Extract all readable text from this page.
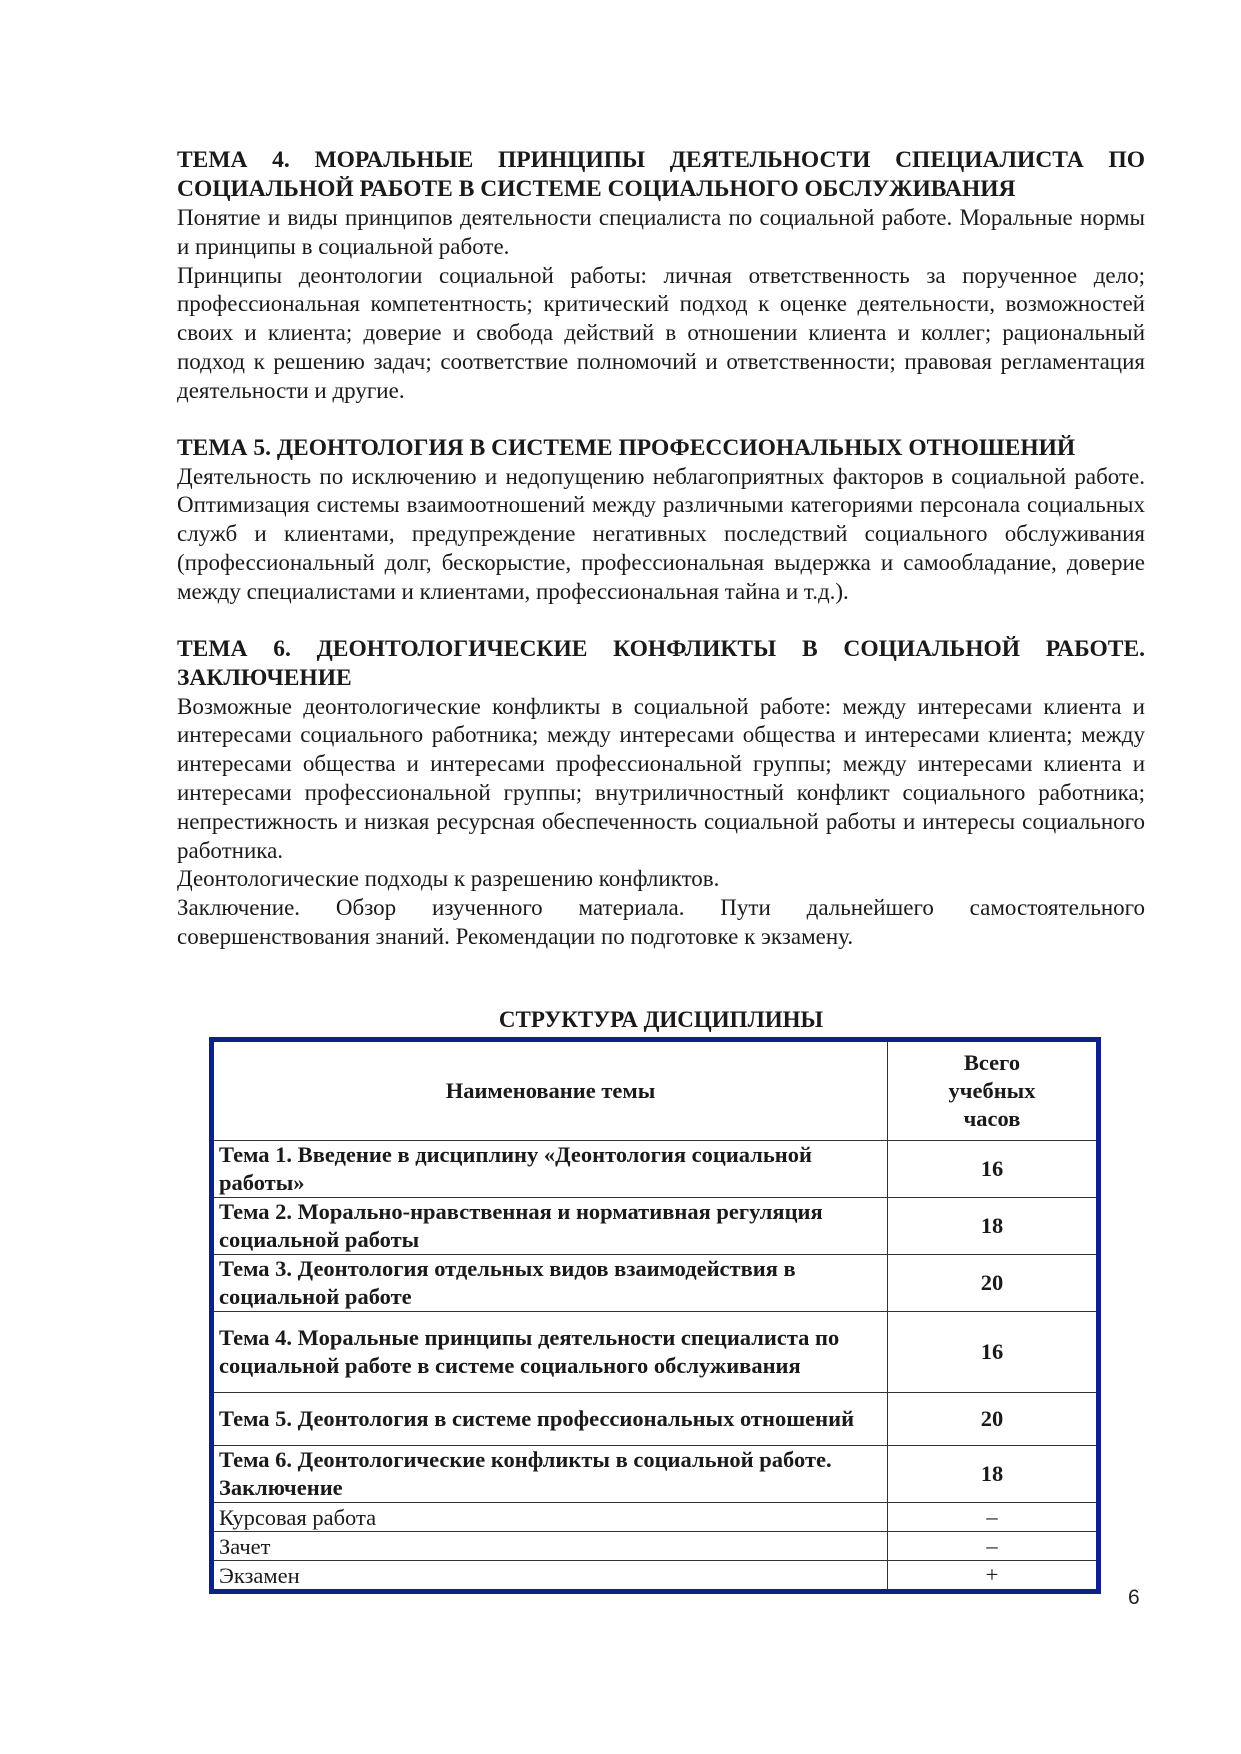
ТЕМА 4. МОРАЛЬНЫЕ ПРИНЦИПЫ ДЕЯТЕЛЬНОСТИ СПЕЦИАЛИСТА ПО СОЦИАЛЬНОЙ РАБОТЕ В СИСТЕМЕ СОЦИАЛЬНОГО ОБСЛУЖИВАНИЯ

Понятие и виды принципов деятельности специалиста по социальной работе. Моральные нормы и принципы в социальной работе.

Принципы деонтологии социальной работы: личная ответственность за порученное дело; профессиональная компетентность; критический подход к оценке деятельности, возможностей своих и клиента; доверие и свобода действий в отношении клиента и коллег; рациональный подход к решению задач; соответствие полномочий и ответственности; правовая регламентация деятельности и другие.

ТЕМА 5. ДЕОНТОЛОГИЯ В СИСТЕМЕ ПРОФЕССИОНАЛЬНЫХ ОТНОШЕНИЙ

Деятельность по исключению и недопущению неблагоприятных факторов в социальной работе. Оптимизация системы взаимоотношений между различными категориями персонала социальных служб и клиентами, предупреждение негативных последствий социального обслуживания (профессиональный долг, бескорыстие, профессиональная выдержка и самообладание, доверие между специалистами и клиентами, профессиональная тайна и т.д.).

ТЕМА 6. ДЕОНТОЛОГИЧЕСКИЕ КОНФЛИКТЫ В СОЦИАЛЬНОЙ РАБОТЕ. ЗАКЛЮЧЕНИЕ

Возможные деонтологические конфликты в социальной работе: между интересами клиента и интересами социального работника; между интересами общества и интересами клиента; между интересами общества и интересами профессиональной группы; между интересами клиента и интересами профессиональной группы; внутриличностный конфликт социального работника; непрестижность и низкая ресурсная обеспеченность социальной работы и интересы социального работника.

Деонтологические подходы к разрешению конфликтов.

Заключение. Обзор изученного материала. Пути дальнейшего самостоятельного совершенствования знаний. Рекомендации по подготовке к экзамену.

СТРУКТУРА ДИСЦИПЛИНЫ
Наименование темы	Всего учебных часов
Тема 1. Введение в дисциплину «Деонтология социальной работы»	16
Тема 2. Морально-нравственная и нормативная регуляция социальной работы	18
Тема 3. Деонтология отдельных видов взаимодействия в социальной работе	20
Тема 4. Моральные принципы деятельности специалиста по социальной работе в системе социального обслуживания	16
Тема 5. Деонтология в системе профессиональных отношений	20
Тема 6. Деонтологические конфликты в социальной работе. Заключение	18
Курсовая работа	–
Зачет	–
Экзамен	+
6
